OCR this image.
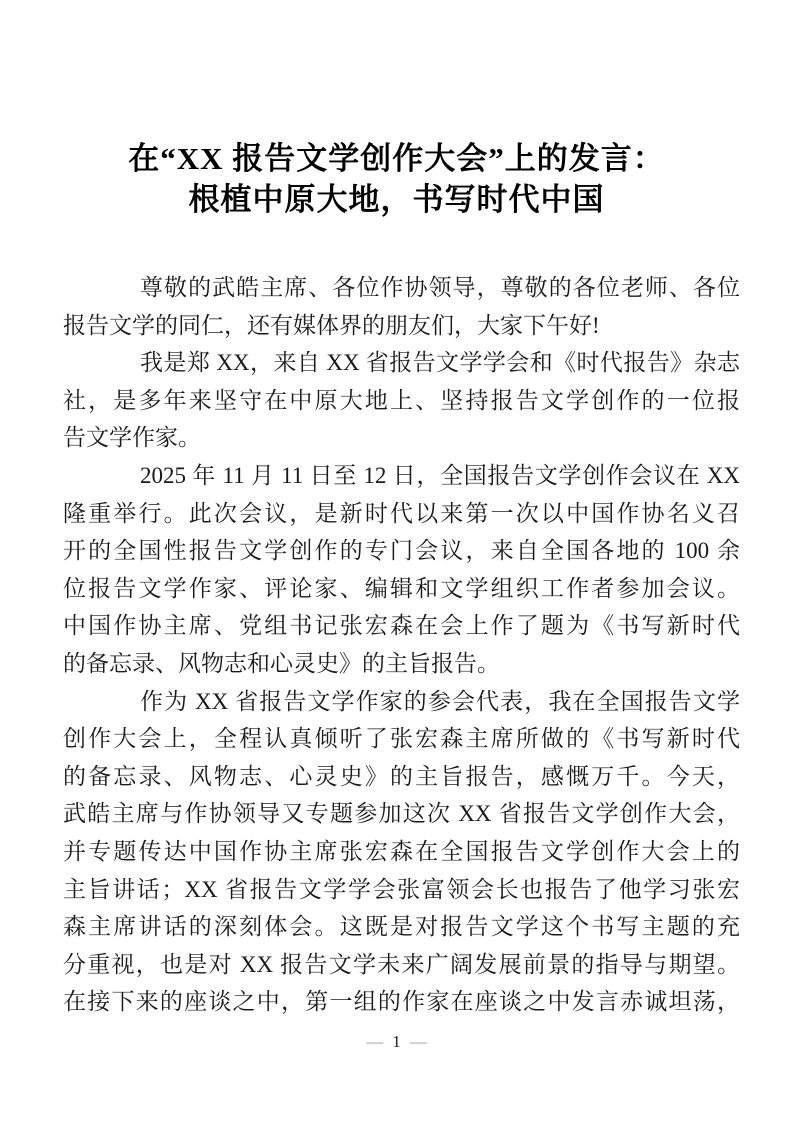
在“XX 报告文学创作大会”上的发言：
根植中原大地，书写时代中国
尊敬的武皓主席、各位作协领导，尊敬的各位老师、各位
报告文学的同仁，还有媒体界的朋友们，大家下午好!
我是郑 XX，来自 XX 省报告文学学会和《时代报告》杂志
社，是多年来坚守在中原大地上、坚持报告文学创作的一位报
告文学作家。
2025 年 11 月 11 日至 12 日，全国报告文学创作会议在 XX
隆重举行。此次会议，是新时代以来第一次以中国作协名义召
开的全国性报告文学创作的专门会议，来自全国各地的 100 余
位报告文学作家、评论家、编辑和文学组织工作者参加会议。
中国作协主席、党组书记张宏森在会上作了题为《书写新时代
的备忘录、风物志和心灵史》的主旨报告。
作为 XX 省报告文学作家的参会代表，我在全国报告文学
创作大会上，全程认真倾听了张宏森主席所做的《书写新时代
的备忘录、风物志、心灵史》的主旨报告，感慨万千。今天，
武皓主席与作协领导又专题参加这次 XX 省报告文学创作大会，
并专题传达中国作协主席张宏森在全国报告文学创作大会上的
主旨讲话；XX 省报告文学学会张富领会长也报告了他学习张宏
森主席讲话的深刻体会。这既是对报告文学这个书写主题的充
分重视，也是对 XX 报告文学未来广阔发展前景的指导与期望。
在接下来的座谈之中，第一组的作家在座谈之中发言赤诚坦荡，
— 1 —
